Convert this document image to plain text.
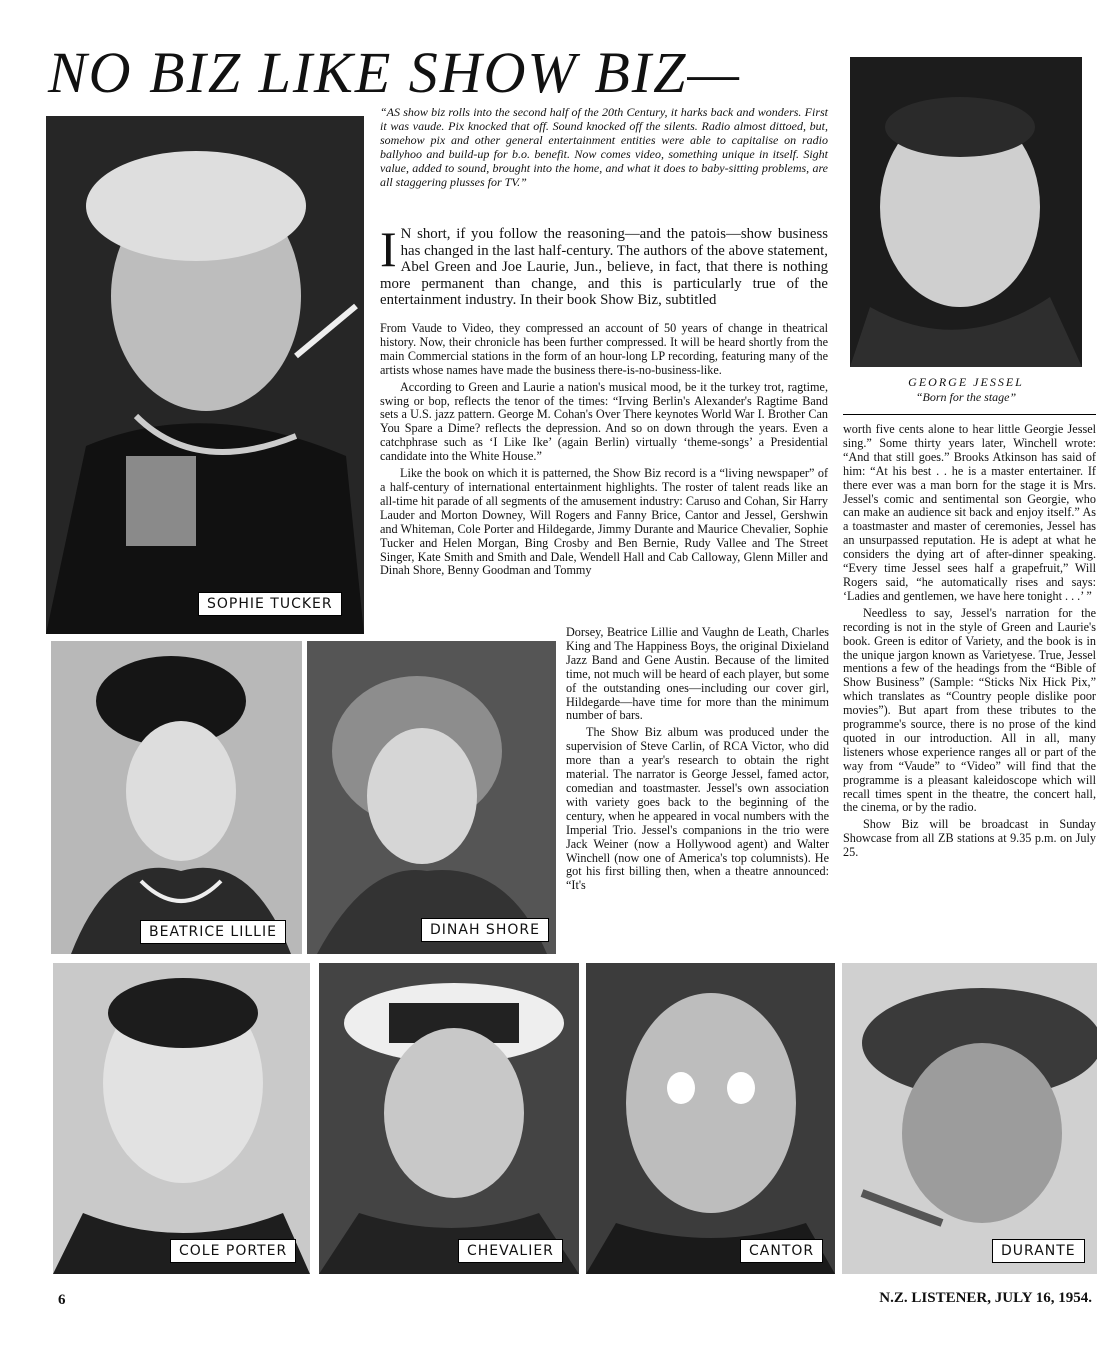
NO BIZ LIKE SHOW BIZ—
SOPHIE TUCKER
“AS show biz rolls into the second half of the 20th Century, it harks back and wonders. First it was vaude. Pix knocked that off. Sound knocked off the silents. Radio almost dittoed, but, somehow pix and other general entertainment entities were able to capitalise on radio ballyhoo and build-up for b.o. benefit. Now comes video, something unique in itself. Sight value, added to sound, brought into the home, and what it does to baby-sitting problems, are all staggering plusses for TV.”
I N short, if you follow the reasoning—and the patois—show business has changed in the last half-century. The authors of the above statement, Abel Green and Joe Laurie, Jun., believe, in fact, that there is nothing more permanent than change, and this is particularly true of the entertainment industry. In their book Show Biz, subtitled

From Vaude to Video, they compressed an account of 50 years of change in theatrical history. Now, their chronicle has been further compressed. It will be heard shortly from the main Commercial stations in the form of an hour-long LP recording, featuring many of the artists whose names have made the business there-is-no-business-like.

According to Green and Laurie a nation's musical mood, be it the turkey trot, ragtime, swing or bop, reflects the tenor of the times: “Irving Berlin's Alexander's Ragtime Band sets a U.S. jazz pattern. George M. Cohan's Over There keynotes World War I. Brother Can You Spare a Dime? reflects the depression. And so on down through the years. Even a catchphrase such as ‘I Like Ike’ (again Berlin) virtually ‘theme-songs’ a Presidential candidate into the White House.”

Like the book on which it is patterned, the Show Biz record is a “living newspaper” of a half-century of international entertainment highlights. The roster of talent reads like an all-time hit parade of all segments of the amusement industry: Caruso and Cohan, Sir Harry Lauder and Morton Downey, Will Rogers and Fanny Brice, Cantor and Jessel, Gershwin and Whiteman, Cole Porter and Hildegarde, Jimmy Durante and Maurice Chevalier, Sophie Tucker and Helen Morgan, Bing Crosby and Ben Bernie, Rudy Vallee and The Street Singer, Kate Smith and Smith and Dale, Wendell Hall and Cab Calloway, Glenn Miller and Dinah Shore, Benny Goodman and Tommy

Dorsey, Beatrice Lillie and Vaughn de Leath, Charles King and The Happiness Boys, the original Dixieland Jazz Band and Gene Austin. Because of the limited time, not much will be heard of each player, but some of the outstanding ones—including our cover girl, Hildegarde—have time for more than the minimum number of bars.

The Show Biz album was produced under the supervision of Steve Carlin, of RCA Victor, who did more than a year's research to obtain the right material. The narrator is George Jessel, famed actor, comedian and toastmaster. Jessel's own association with variety goes back to the beginning of the century, when he appeared in vocal numbers with the Imperial Trio. Jessel's companions in the trio were Jack Weiner (now a Hollywood agent) and Walter Winchell (now one of America's top columnists). He got his first billing then, when a theatre announced: “It's

GEORGE JESSEL
“Born for the stage”

worth five cents alone to hear little Georgie Jessel sing.” Some thirty years later, Winchell wrote: “And that still goes.” Brooks Atkinson has said of him: “At his best . . he is a master entertainer. If there ever was a man born for the stage it is Mrs. Jessel's comic and sentimental son Georgie, who can make an audience sit back and enjoy itself.” As a toastmaster and master of ceremonies, Jessel has an unsurpassed reputation. He is adept at what he considers the dying art of after-dinner speaking. “Every time Jessel sees half a grapefruit,” Will Rogers said, “he automatically rises and says: ‘Ladies and gentlemen, we have here tonight . . .’ ”

Needless to say, Jessel's narration for the recording is not in the style of Green and Laurie's book. Green is editor of Variety, and the book is in the unique jargon known as Varietyese. True, Jessel mentions a few of the headings from the “Bible of Show Business” (Sample: “Sticks Nix Hick Pix,” which translates as “Country people dislike poor movies”). But apart from these tributes to the programme's source, there is no prose of the kind quoted in our introduction. All in all, many listeners whose experience ranges all or part of the way from “Vaude” to “Video” will find that the programme is a pleasant kaleidoscope which will recall times spent in the theatre, the concert hall, the cinema, or by the radio.

Show Biz will be broadcast in Sunday Showcase from all ZB stations at 9.35 p.m. on July 25.

BEATRICE LILLIE	DINAH SHORE
COLE PORTER	CHEVALIER	CANTOR	DURANTE
6	N.Z. LISTENER, JULY 16, 1954.
